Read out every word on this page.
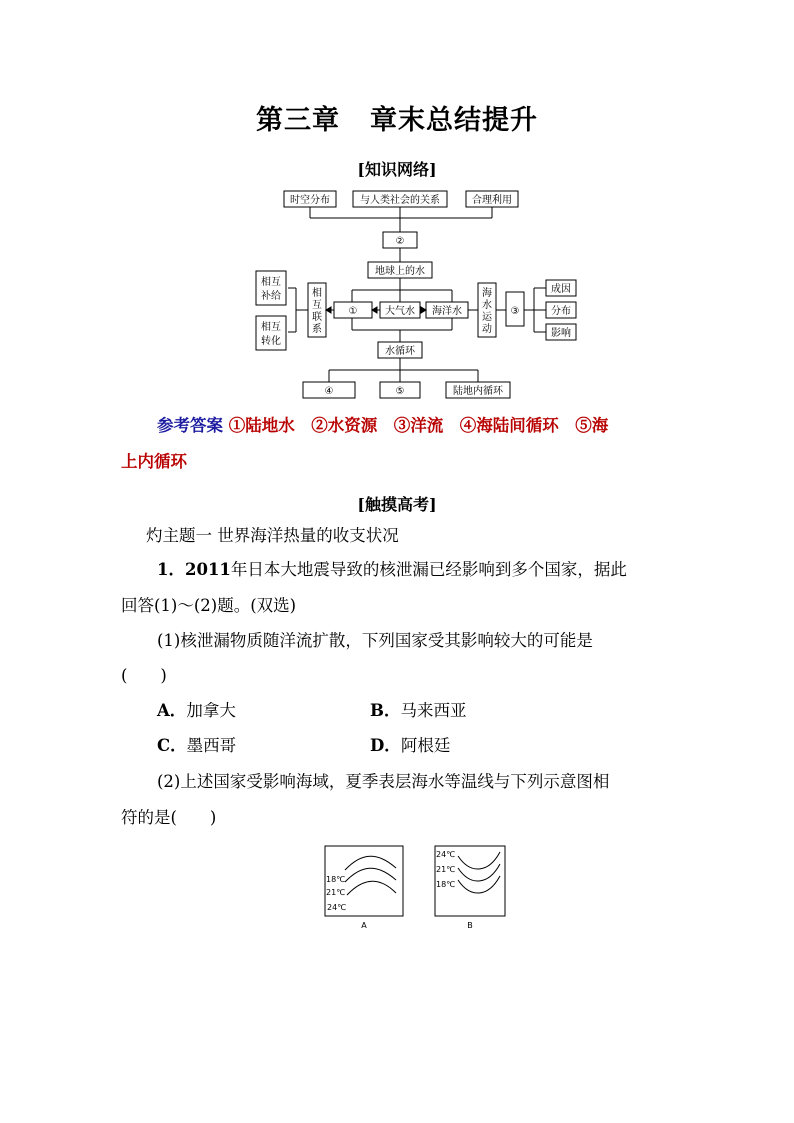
第三章 章末总结提升
[知识网络]
时空分布	与人类社会的关系	合理利用
②
地球上的水
①	大气水 海洋水
相互
补给
相互
转化
相
互
联
系
海
水
运
动
③
成因
分布
影响
水循环
④	⑤	陆地内循环
参考答案 ①陆地水　②水资源　③洋流　④海陆间循环　⑤海
上内循环
[触摸高考]
灼主题一 世界海洋热量的收支状况
1．2011年日本大地震导致的核泄漏已经影响到多个国家，据此
回答(1)～(2)题。(双选)
(1)核泄漏物质随洋流扩散，下列国家受其影响较大的可能是
(　　)
A．加拿大	B．马来西亚
C．墨西哥	D．阿根廷
(2)上述国家受影响海域，夏季表层海水等温线与下列示意图相
符的是(　　)
18℃
21℃
24℃
24℃
21℃
18℃
A	B
